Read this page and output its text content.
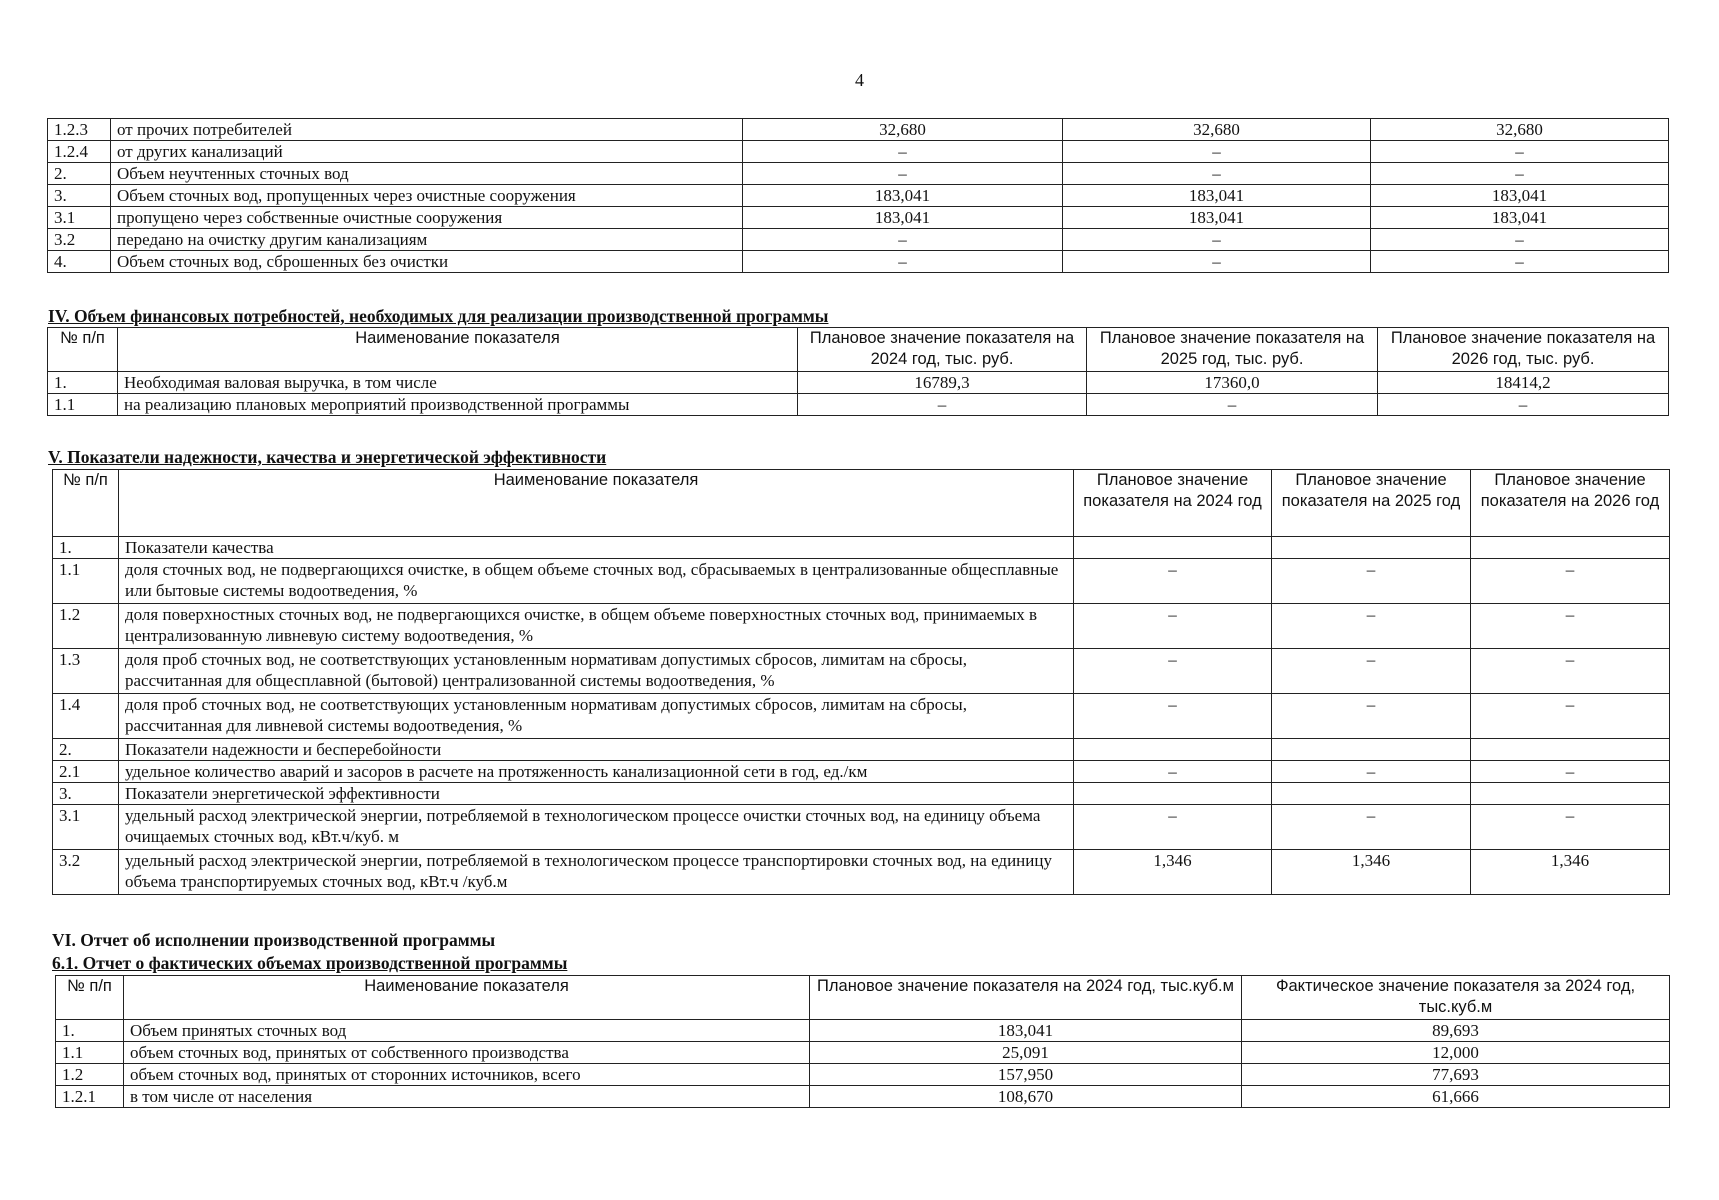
4
1.2.3	от прочих потребителей	32,680	32,680	32,680
1.2.4	от других канализаций	–	–	–
2.	Объем неучтенных сточных вод	–	–	–
3.	Объем сточных вод, пропущенных через очистные сооружения	183,041	183,041	183,041
3.1	пропущено через собственные очистные сооружения	183,041	183,041	183,041
3.2	передано на очистку другим канализациям	–	–	–
4.	Объем сточных вод, сброшенных без очистки	–	–	–
IV. Объем финансовых потребностей, необходимых для реализации производственной программы
№ п/п	Наименование показателя	Плановое значение показателя на 2024 год, тыс. руб.	Плановое значение показателя на 2025 год, тыс. руб.	Плановое значение показателя на 2026 год, тыс. руб.
1.	Необходимая валовая выручка, в том числе	16789,3	17360,0	18414,2
1.1	на реализацию плановых мероприятий производственной программы	–	–	–
V. Показатели надежности, качества и энергетической эффективности
№ п/п	Наименование показателя	Плановое значение показателя на 2024 год	Плановое значение показателя на 2025 год	Плановое значение показателя на 2026 год
1.	Показатели качества			
1.1	доля сточных вод, не подвергающихся очистке, в общем объеме сточных вод, сбрасываемых в централизованные общесплавные или бытовые системы водоотведения, %	–	–	–
1.2	доля поверхностных сточных вод, не подвергающихся очистке, в общем объеме поверхностных сточных вод, принимаемых в централизованную ливневую систему водоотведения, %	–	–	–
1.3	доля проб сточных вод, не соответствующих установленным нормативам допустимых сбросов, лимитам на сбросы, рассчитанная для общесплавной (бытовой) централизованной системы водоотведения, %	–	–	–
1.4	доля проб сточных вод, не соответствующих установленным нормативам допустимых сбросов, лимитам на сбросы, рассчитанная для ливневой системы водоотведения, %	–	–	–
2.	Показатели надежности и бесперебойности			
2.1	удельное количество аварий и засоров в расчете на протяженность канализационной сети в год, ед./км	–	–	–
3.	Показатели энергетической эффективности			
3.1	удельный расход электрической энергии, потребляемой в технологическом процессе очистки сточных вод, на единицу объема очищаемых сточных вод, кВт.ч/куб. м	–	–	–
3.2	удельный расход электрической энергии, потребляемой в технологическом процессе транспортировки сточных вод, на единицу объема транспортируемых сточных вод, кВт.ч /куб.м	1,346	1,346	1,346
VI. Отчет об исполнении производственной программы
6.1. Отчет о фактических объемах производственной программы
№ п/п	Наименование показателя	Плановое значение показателя на 2024 год, тыс.куб.м	Фактическое значение показателя за 2024 год, тыс.куб.м
1.	Объем принятых сточных вод	183,041	89,693
1.1	объем сточных вод, принятых от собственного производства	25,091	12,000
1.2	объем сточных вод, принятых от сторонних источников, всего	157,950	77,693
1.2.1	в том числе от населения	108,670	61,666
